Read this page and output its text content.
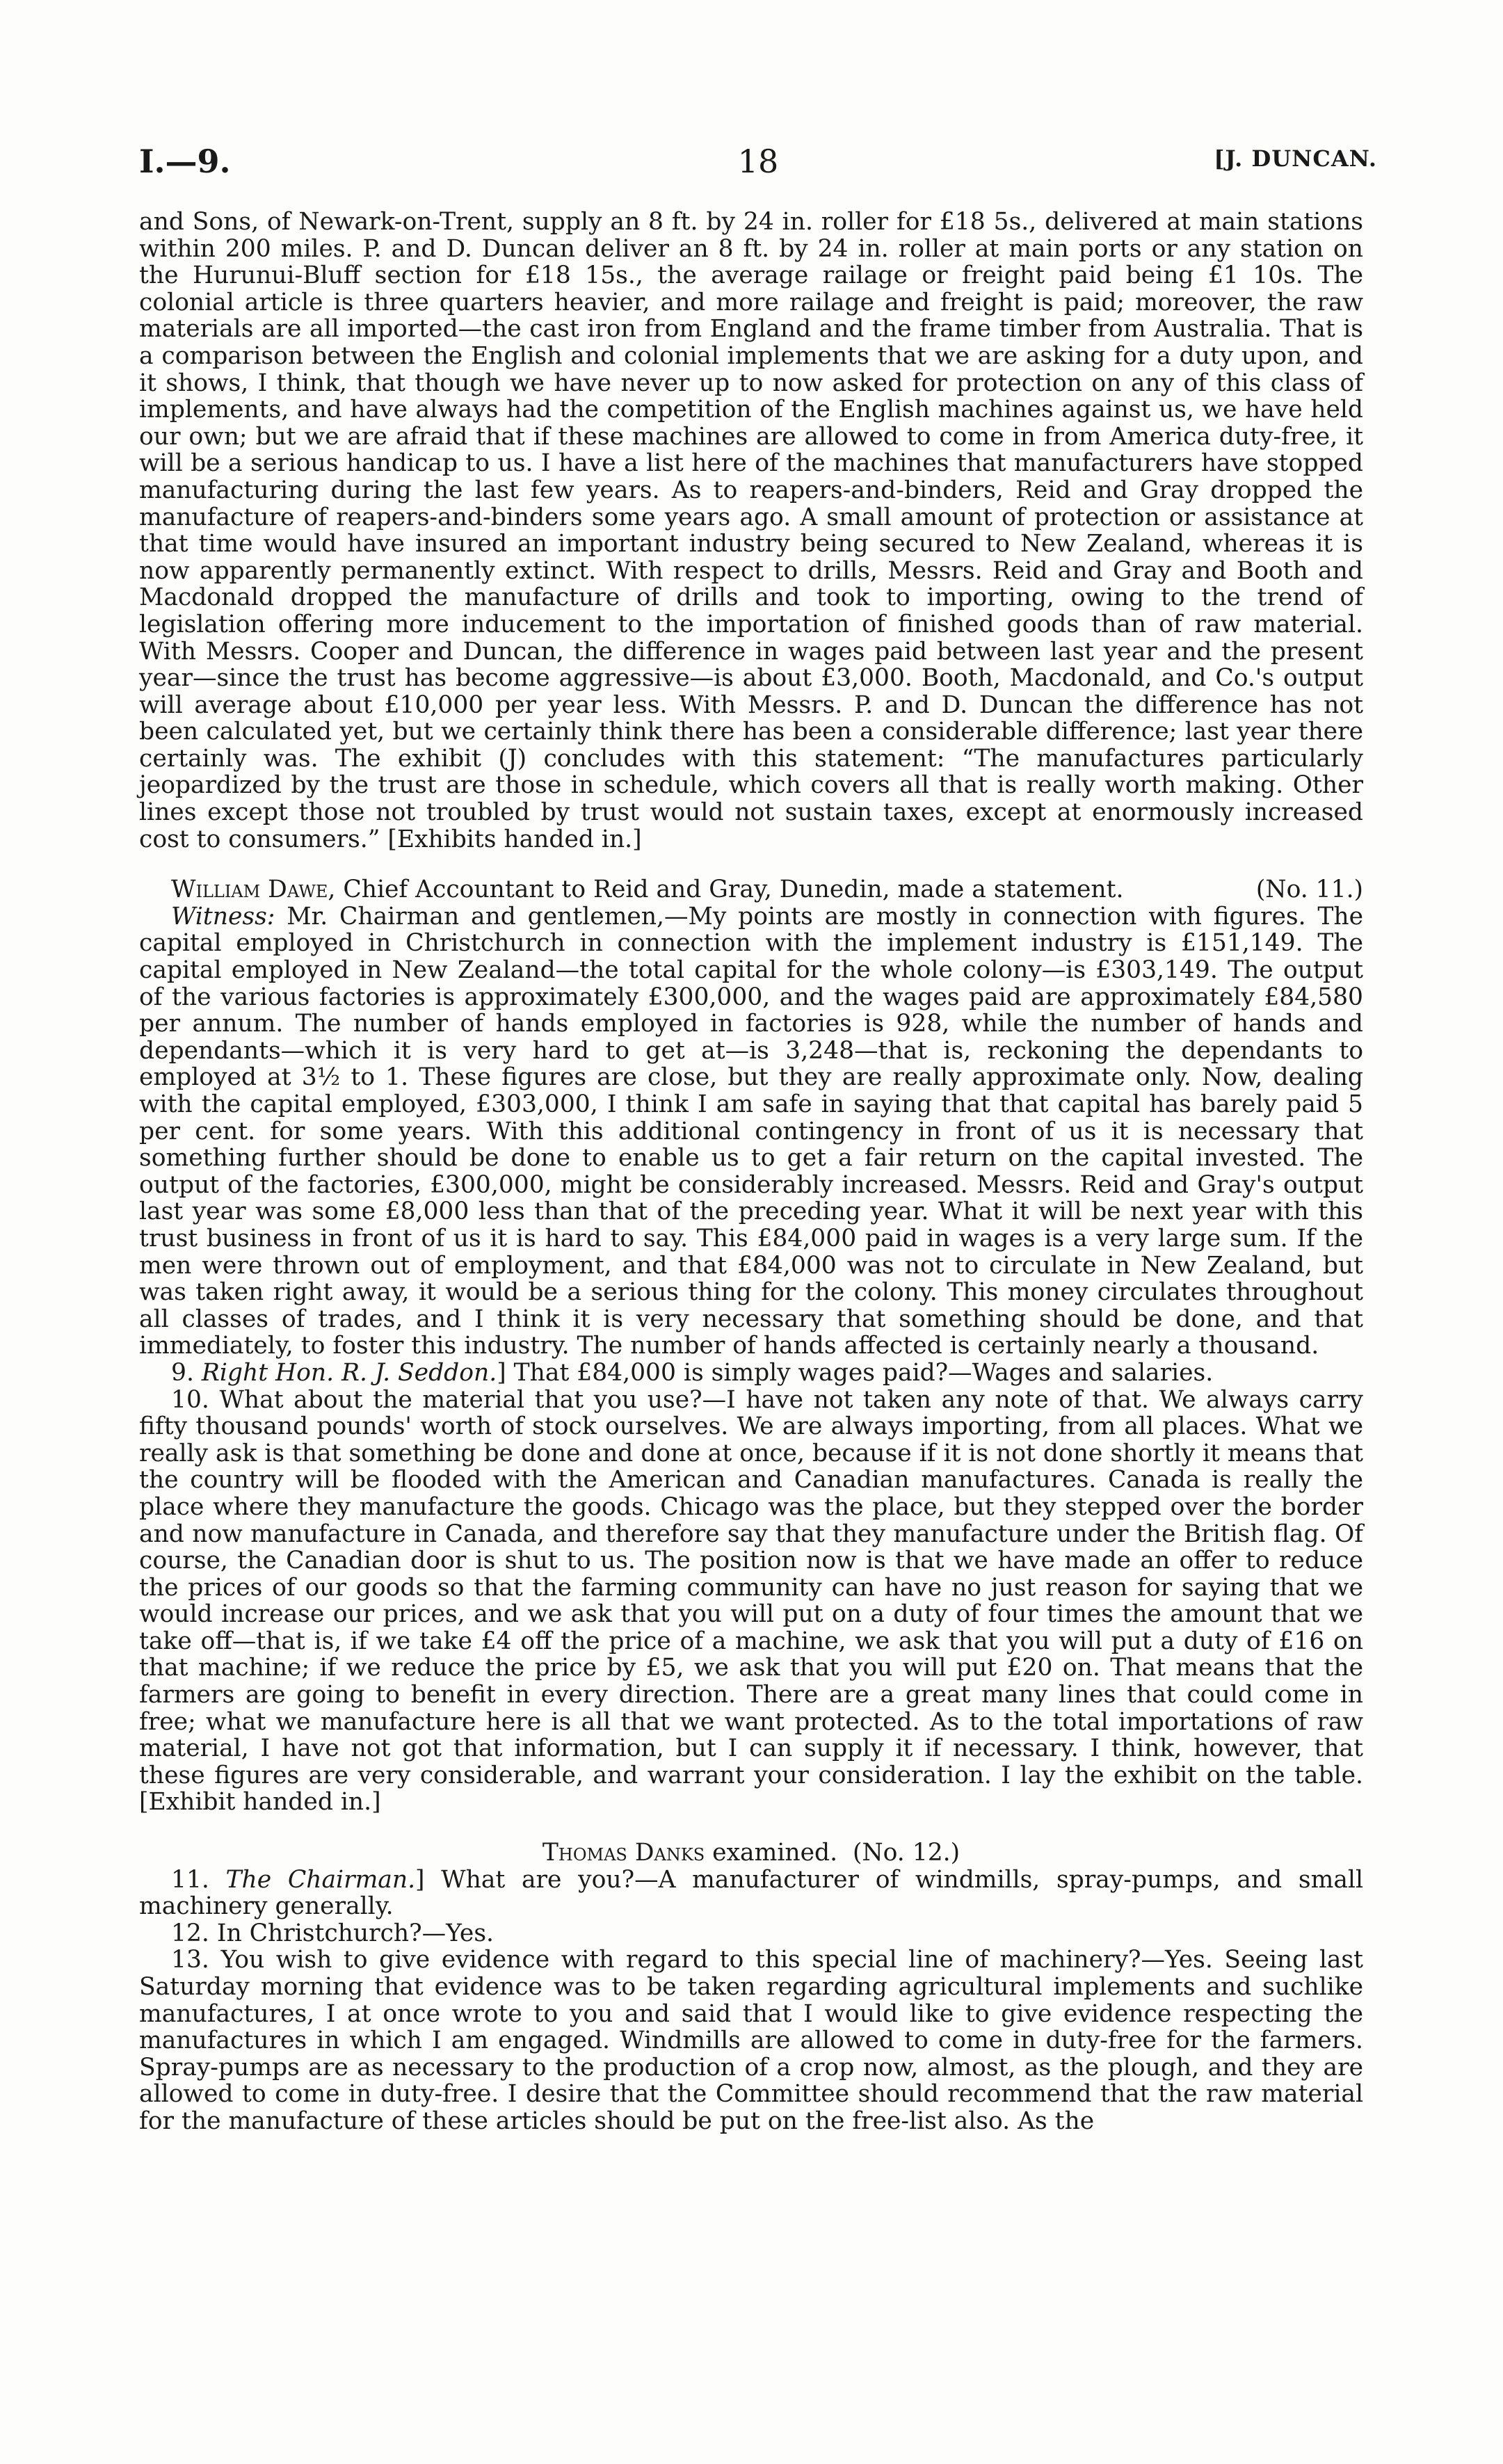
18
I.—9.	[J. DUNCAN.

and Sons, of Newark-on-Trent, supply an 8 ft. by 24 in. roller for £18 5s., delivered at main stations within 200 miles. P. and D. Duncan deliver an 8 ft. by 24 in. roller at main ports or any station on the Hurunui-Bluff section for £18 15s., the average railage or freight paid being £1 10s. The colonial article is three quarters heavier, and more railage and freight is paid; moreover, the raw materials are all imported—the cast iron from England and the frame timber from Australia. That is a comparison between the English and colonial implements that we are asking for a duty upon, and it shows, I think, that though we have never up to now asked for protection on any of this class of implements, and have always had the competition of the English machines against us, we have held our own; but we are afraid that if these machines are allowed to come in from America duty-free, it will be a serious handicap to us. I have a list here of the machines that manufacturers have stopped manufacturing during the last few years. As to reapers-and-binders, Reid and Gray dropped the manufacture of reapers-and-binders some years ago. A small amount of protection or assistance at that time would have insured an important industry being secured to New Zealand, whereas it is now apparently permanently extinct. With respect to drills, Messrs. Reid and Gray and Booth and Macdonald dropped the manufacture of drills and took to importing, owing to the trend of legislation offering more inducement to the importation of finished goods than of raw material. With Messrs. Cooper and Duncan, the difference in wages paid between last year and the present year—since the trust has become aggressive—is about £3,000. Booth, Macdonald, and Co.'s output will average about £10,000 per year less. With Messrs. P. and D. Duncan the difference has not been calculated yet, but we certainly think there has been a considerable difference; last year there certainly was. The exhibit (J) concludes with this statement: “The manufactures particularly jeopardized by the trust are those in schedule, which covers all that is really worth making. Other lines except those not troubled by trust would not sustain taxes, except at enormously increased cost to consumers.” [Exhibits handed in.]

(No. 11.)
William Dawe, Chief Accountant to Reid and Gray, Dunedin, made a statement.

Witness: Mr. Chairman and gentlemen,—My points are mostly in connection with figures. The capital employed in Christchurch in connection with the implement industry is £151,149. The capital employed in New Zealand—the total capital for the whole colony—is £303,149. The output of the various factories is approximately £300,000, and the wages paid are approximately £84,580 per annum. The number of hands employed in factories is 928, while the number of hands and dependants—which it is very hard to get at—is 3,248—that is, reckoning the dependants to employed at 3½ to 1. These figures are close, but they are really approximate only. Now, dealing with the capital employed, £303,000, I think I am safe in saying that that capital has barely paid 5 per cent. for some years. With this additional contingency in front of us it is necessary that something further should be done to enable us to get a fair return on the capital invested. The output of the factories, £300,000, might be considerably increased. Messrs. Reid and Gray's output last year was some £8,000 less than that of the preceding year. What it will be next year with this trust business in front of us it is hard to say. This £84,000 paid in wages is a very large sum. If the men were thrown out of employment, and that £84,000 was not to circulate in New Zealand, but was taken right away, it would be a serious thing for the colony. This money circulates throughout all classes of trades, and I think it is very necessary that something should be done, and that immediately, to foster this industry. The number of hands affected is certainly nearly a thousand.

9. Right Hon. R. J. Seddon.] That £84,000 is simply wages paid?—Wages and salaries.

10. What about the material that you use?—I have not taken any note of that. We always carry fifty thousand pounds' worth of stock ourselves. We are always importing, from all places. What we really ask is that something be done and done at once, because if it is not done shortly it means that the country will be flooded with the American and Canadian manufactures. Canada is really the place where they manufacture the goods. Chicago was the place, but they stepped over the border and now manufacture in Canada, and therefore say that they manufacture under the British flag. Of course, the Canadian door is shut to us. The position now is that we have made an offer to reduce the prices of our goods so that the farming community can have no just reason for saying that we would increase our prices, and we ask that you will put on a duty of four times the amount that we take off—that is, if we take £4 off the price of a machine, we ask that you will put a duty of £16 on that machine; if we reduce the price by £5, we ask that you will put £20 on. That means that the farmers are going to benefit in every direction. There are a great many lines that could come in free; what we manufacture here is all that we want protected. As to the total importations of raw material, I have not got that information, but I can supply it if necessary. I think, however, that these figures are very considerable, and warrant your consideration. I lay the exhibit on the table. [Exhibit handed in.]

Thomas Danks examined. (No. 12.)

11. The Chairman.] What are you?—A manufacturer of windmills, spray-pumps, and small machinery generally.

12. In Christchurch?—Yes.

13. You wish to give evidence with regard to this special line of machinery?—Yes. Seeing last Saturday morning that evidence was to be taken regarding agricultural implements and suchlike manufactures, I at once wrote to you and said that I would like to give evidence respecting the manufactures in which I am engaged. Windmills are allowed to come in duty-free for the farmers. Spray-pumps are as necessary to the production of a crop now, almost, as the plough, and they are allowed to come in duty-free. I desire that the Committee should recommend that the raw material for the manufacture of these articles should be put on the free-list also. As the
